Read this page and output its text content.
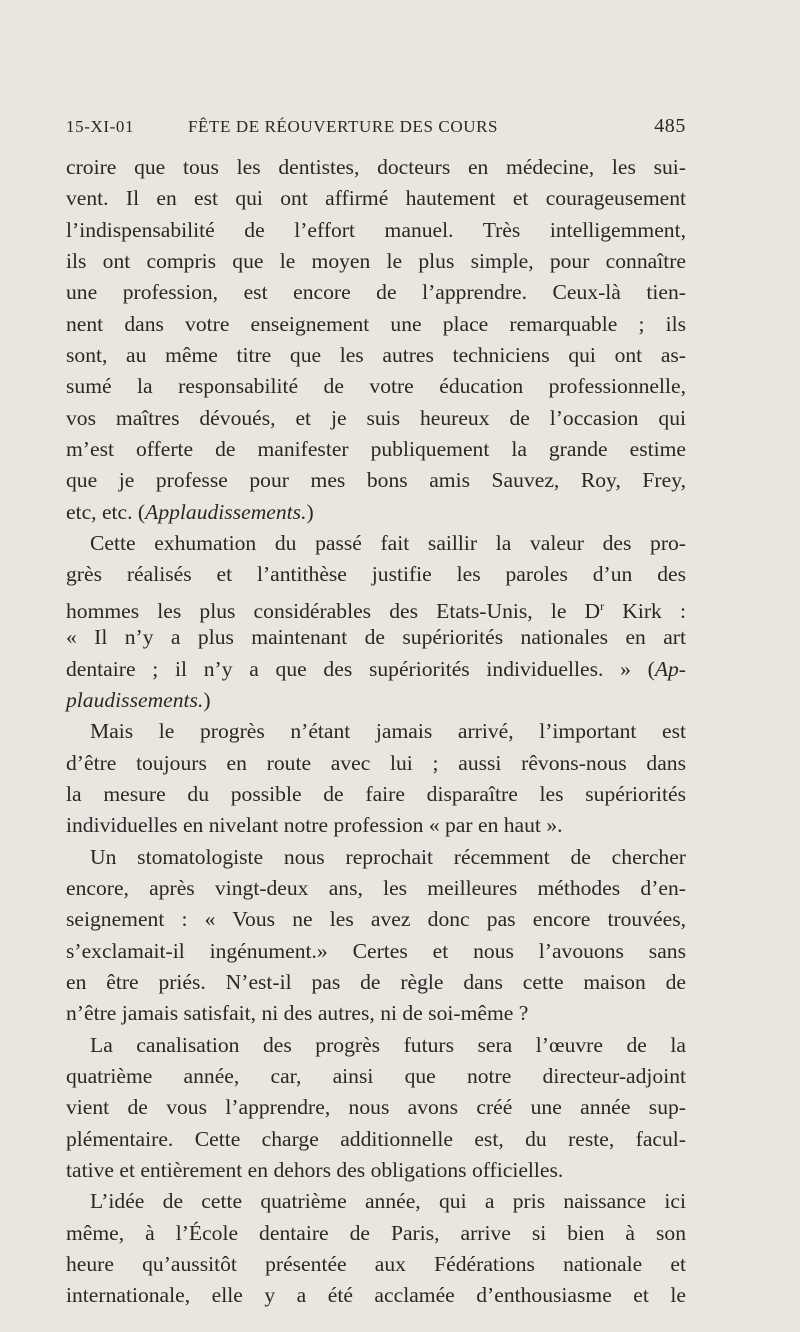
15-XI-01	FÊTE DE RÉOUVERTURE DES COURS	485
croire que tous les dentistes, docteurs en médecine, les sui-
vent. Il en est qui ont affirmé hautement et courageusement
l’indispensabilité de l’effort manuel. Très intelligemment,
ils ont compris que le moyen le plus simple, pour connaître
une profession, est encore de l’apprendre. Ceux-là tien-
nent dans votre enseignement une place remarquable ; ils
sont, au même titre que les autres techniciens qui ont as-
sumé la responsabilité de votre éducation professionnelle,
vos maîtres dévoués, et je suis heureux de l’occasion qui
m’est offerte de manifester publiquement la grande estime
que je professe pour mes bons amis Sauvez, Roy, Frey,
etc, etc. (Applaudissements.)
Cette exhumation du passé fait saillir la valeur des pro-
grès réalisés et l’antithèse justifie les paroles d’un des
hommes les plus considérables des Etats-Unis, le $D^r$ Kirk :
« Il n’y a plus maintenant de supériorités nationales en art
dentaire ; il n’y a que des supériorités individuelles. » (Ap-
plaudissements.)
Mais le progrès n’étant jamais arrivé, l’important est
d’être toujours en route avec lui ; aussi rêvons-nous dans
la mesure du possible de faire disparaître les supériorités
individuelles en nivelant notre profession « par en haut ».
Un stomatologiste nous reprochait récemment de chercher
encore, après vingt-deux ans, les meilleures méthodes d’en-
seignement : « Vous ne les avez donc pas encore trouvées,
s’exclamait-il ingénument.» Certes et nous l’avouons sans
en être priés. N’est-il pas de règle dans cette maison de
n’être jamais satisfait, ni des autres, ni de soi-même ?
La canalisation des progrès futurs sera l’œuvre de la
quatrième année, car, ainsi que notre directeur-adjoint
vient de vous l’apprendre, nous avons créé une année sup-
plémentaire. Cette charge additionnelle est, du reste, facul-
tative et entièrement en dehors des obligations officielles.
L’idée de cette quatrième année, qui a pris naissance ici
même, à l’École dentaire de Paris, arrive si bien à son
heure qu’aussitôt présentée aux Fédérations nationale et
internationale, elle y a été acclamée d’enthousiasme et le
